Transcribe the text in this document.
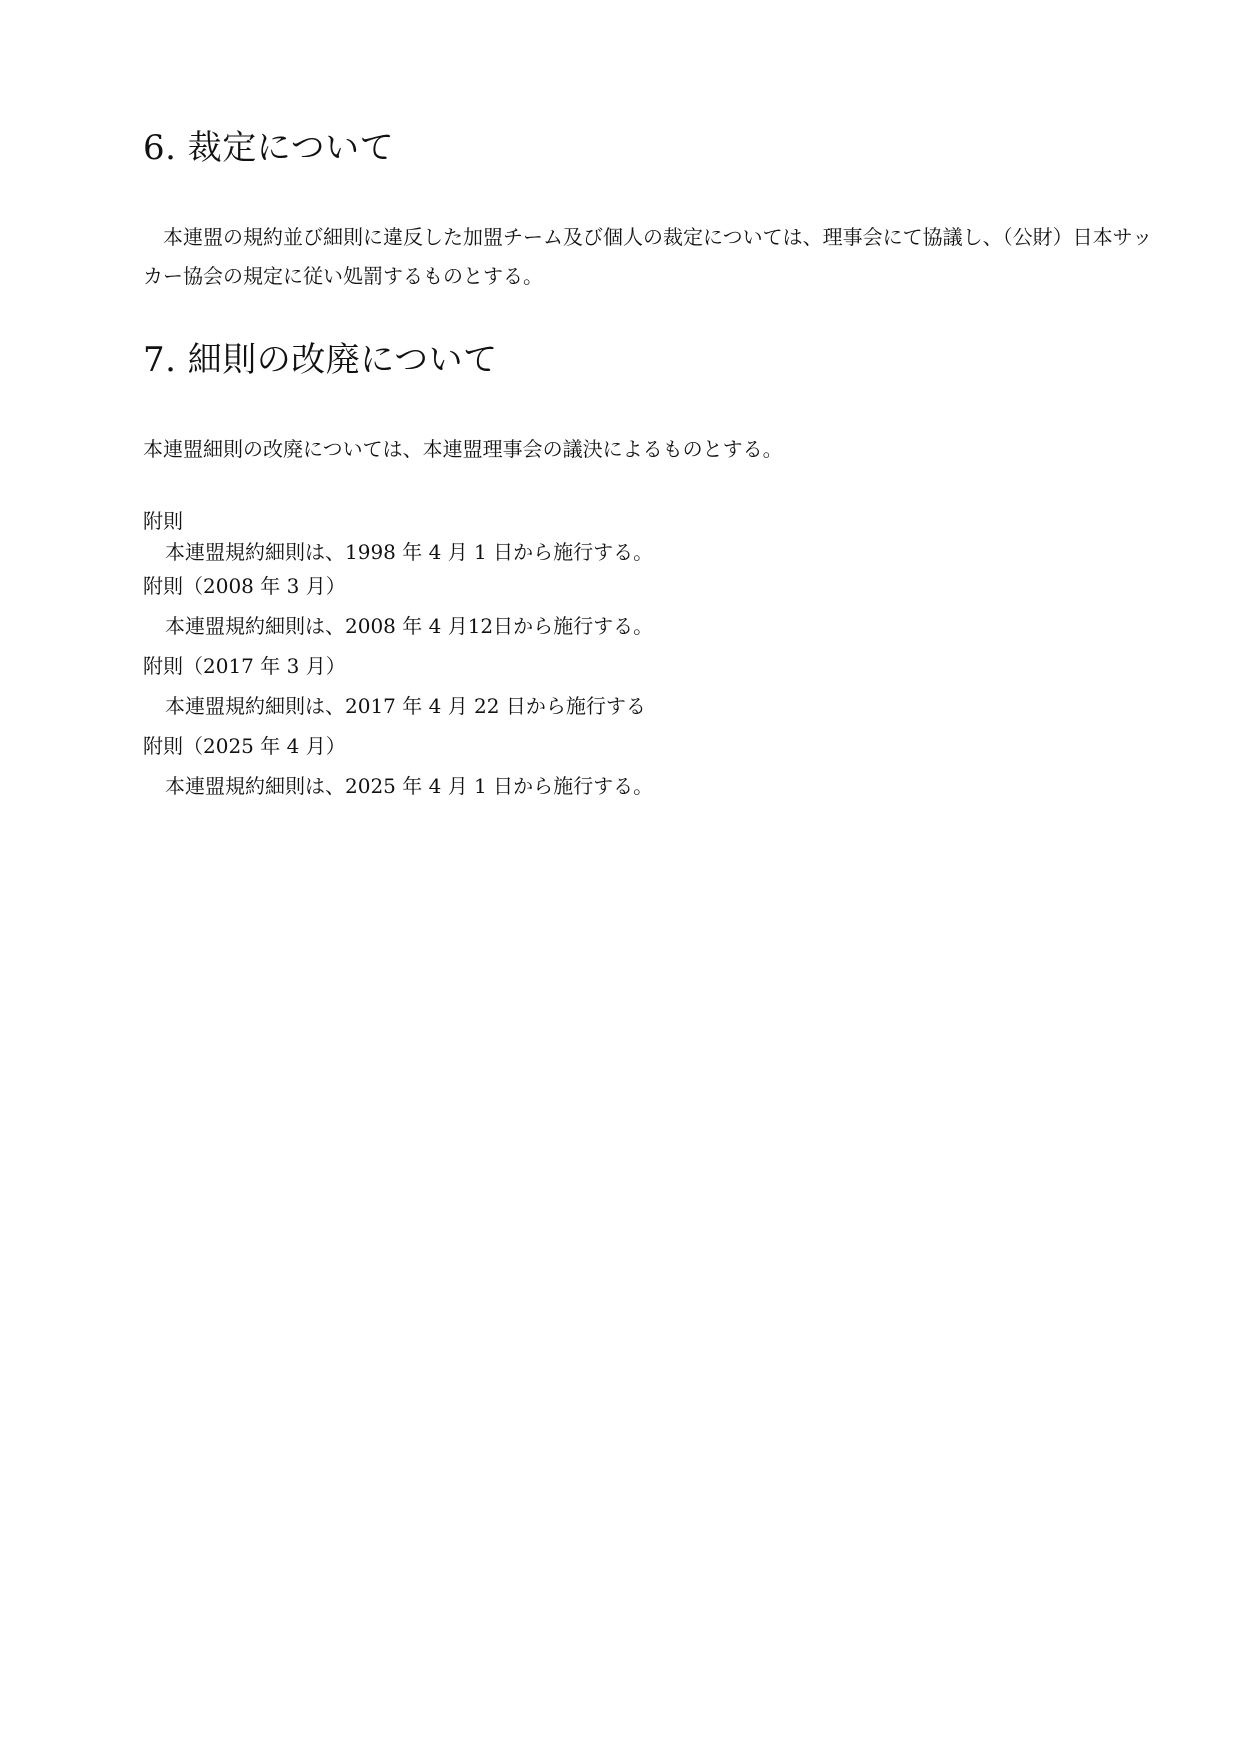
6. 裁定について
　本連盟の規約並び細則に違反した加盟チーム及び個人の裁定については、理事会にて協議し、（公財）日本サッカー協会の規定に従い処罰するものとする。
7. 細則の改廃について
本連盟細則の改廃については、本連盟理事会の議決によるものとする。
附則
本連盟規約細則は、1998 年 4 月 1 日から施行する。
附則（2008 年 3 月）
本連盟規約細則は、2008 年 4 月12日から施行する。
附則（2017 年 3 月）
本連盟規約細則は、2017 年 4 月 22 日から施行する
附則（2025 年 4 月）
本連盟規約細則は、2025 年 4 月 1 日から施行する。
